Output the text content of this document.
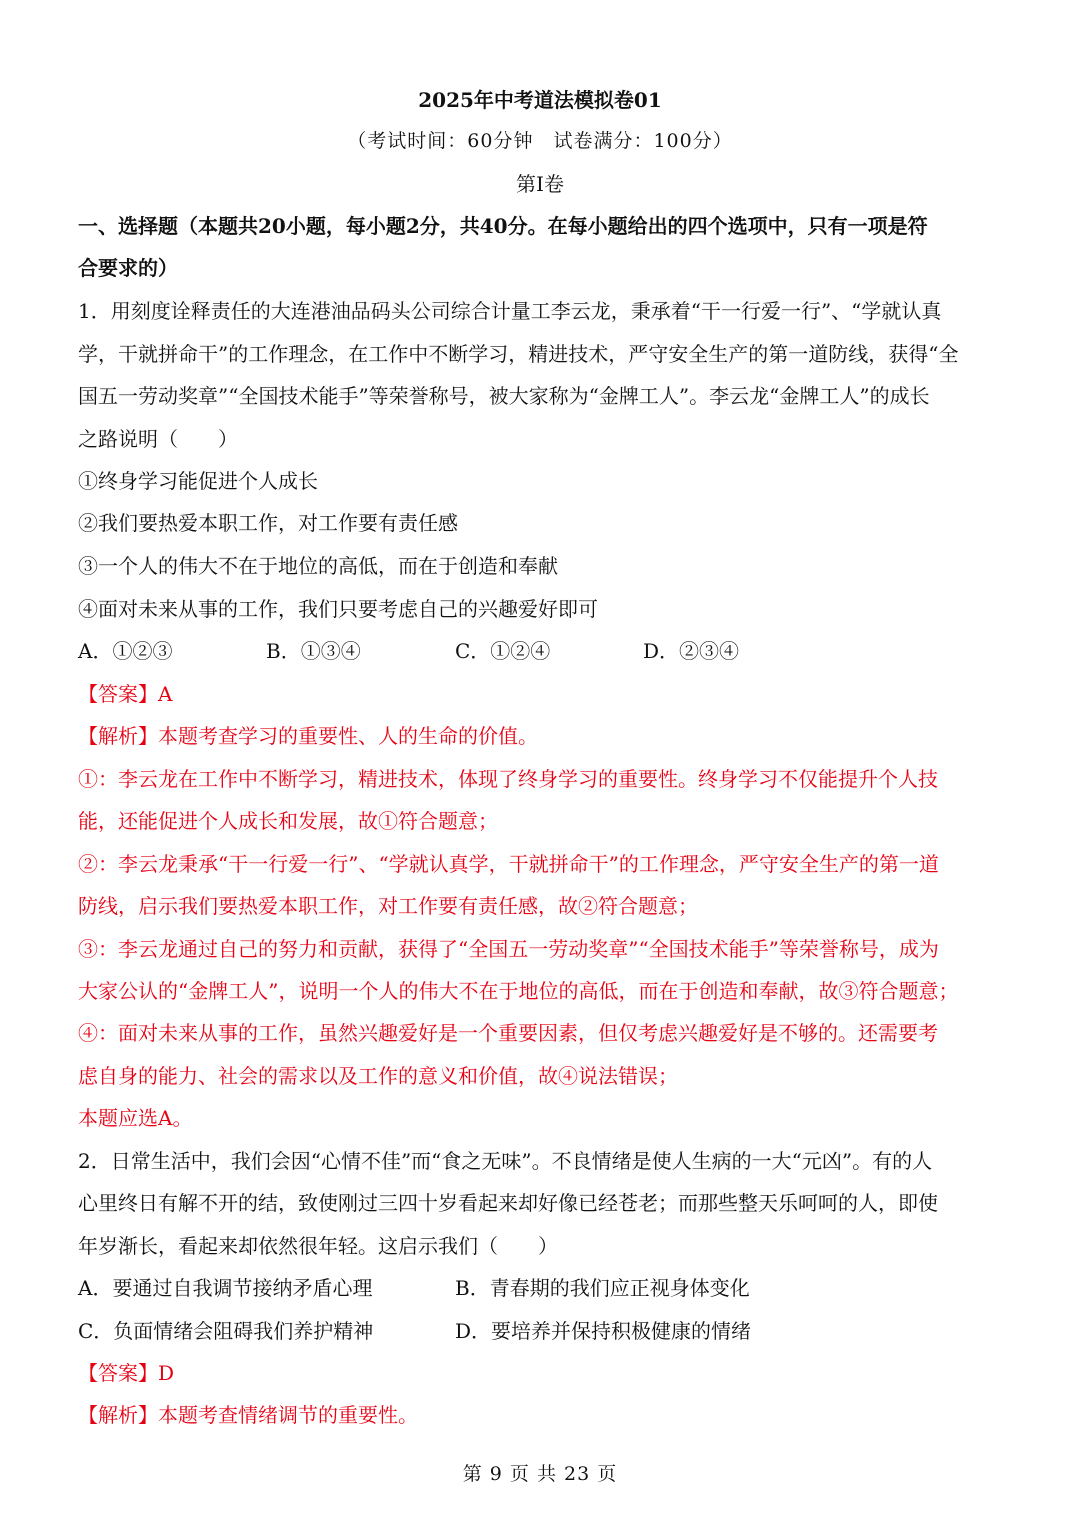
2025年中考道法模拟卷01
（考试时间：60分钟　试卷满分：100分）
第I卷
一、选择题（本题共20小题，每小题2分，共40分。在每小题给出的四个选项中，只有一项是符
合要求的）
1．用刻度诠释责任的大连港油品码头公司综合计量工李云龙，秉承着“干一行爱一行”、“学就认真
学，干就拼命干”的工作理念，在工作中不断学习，精进技术，严守安全生产的第一道防线，获得“全
国五一劳动奖章”“全国技术能手”等荣誉称号，被大家称为“金牌工人”。李云龙“金牌工人”的成长
之路说明（　　）
①终身学习能促进个人成长
②我们要热爱本职工作，对工作要有责任感
③一个人的伟大不在于地位的高低，而在于创造和奉献
④面对未来从事的工作，我们只要考虑自己的兴趣爱好即可
A．①②③	B．①③④	C．①②④	D．②③④
【答案】A
【解析】本题考查学习的重要性、人的生命的价值。
①：李云龙在工作中不断学习，精进技术，体现了终身学习的重要性。终身学习不仅能提升个人技
能，还能促进个人成长和发展，故①符合题意；
②：李云龙秉承“干一行爱一行”、“学就认真学，干就拼命干”的工作理念，严守安全生产的第一道
防线，启示我们要热爱本职工作，对工作要有责任感，故②符合题意；
③：李云龙通过自己的努力和贡献，获得了“全国五一劳动奖章”“全国技术能手”等荣誉称号，成为
大家公认的“金牌工人”，说明一个人的伟大不在于地位的高低，而在于创造和奉献，故③符合题意；
④：面对未来从事的工作，虽然兴趣爱好是一个重要因素，但仅考虑兴趣爱好是不够的。还需要考
虑自身的能力、社会的需求以及工作的意义和价值，故④说法错误；
本题应选A。
2．日常生活中，我们会因“心情不佳”而“食之无味”。不良情绪是使人生病的一大“元凶”。有的人
心里终日有解不开的结，致使刚过三四十岁看起来却好像已经苍老；而那些整天乐呵呵的人，即使
年岁渐长，看起来却依然很年轻。这启示我们（　　）
A．要通过自我调节接纳矛盾心理	B．青春期的我们应正视身体变化
C．负面情绪会阻碍我们养护精神	D．要培养并保持积极健康的情绪
【答案】D
【解析】本题考查情绪调节的重要性。
第 9 页 共 23 页
